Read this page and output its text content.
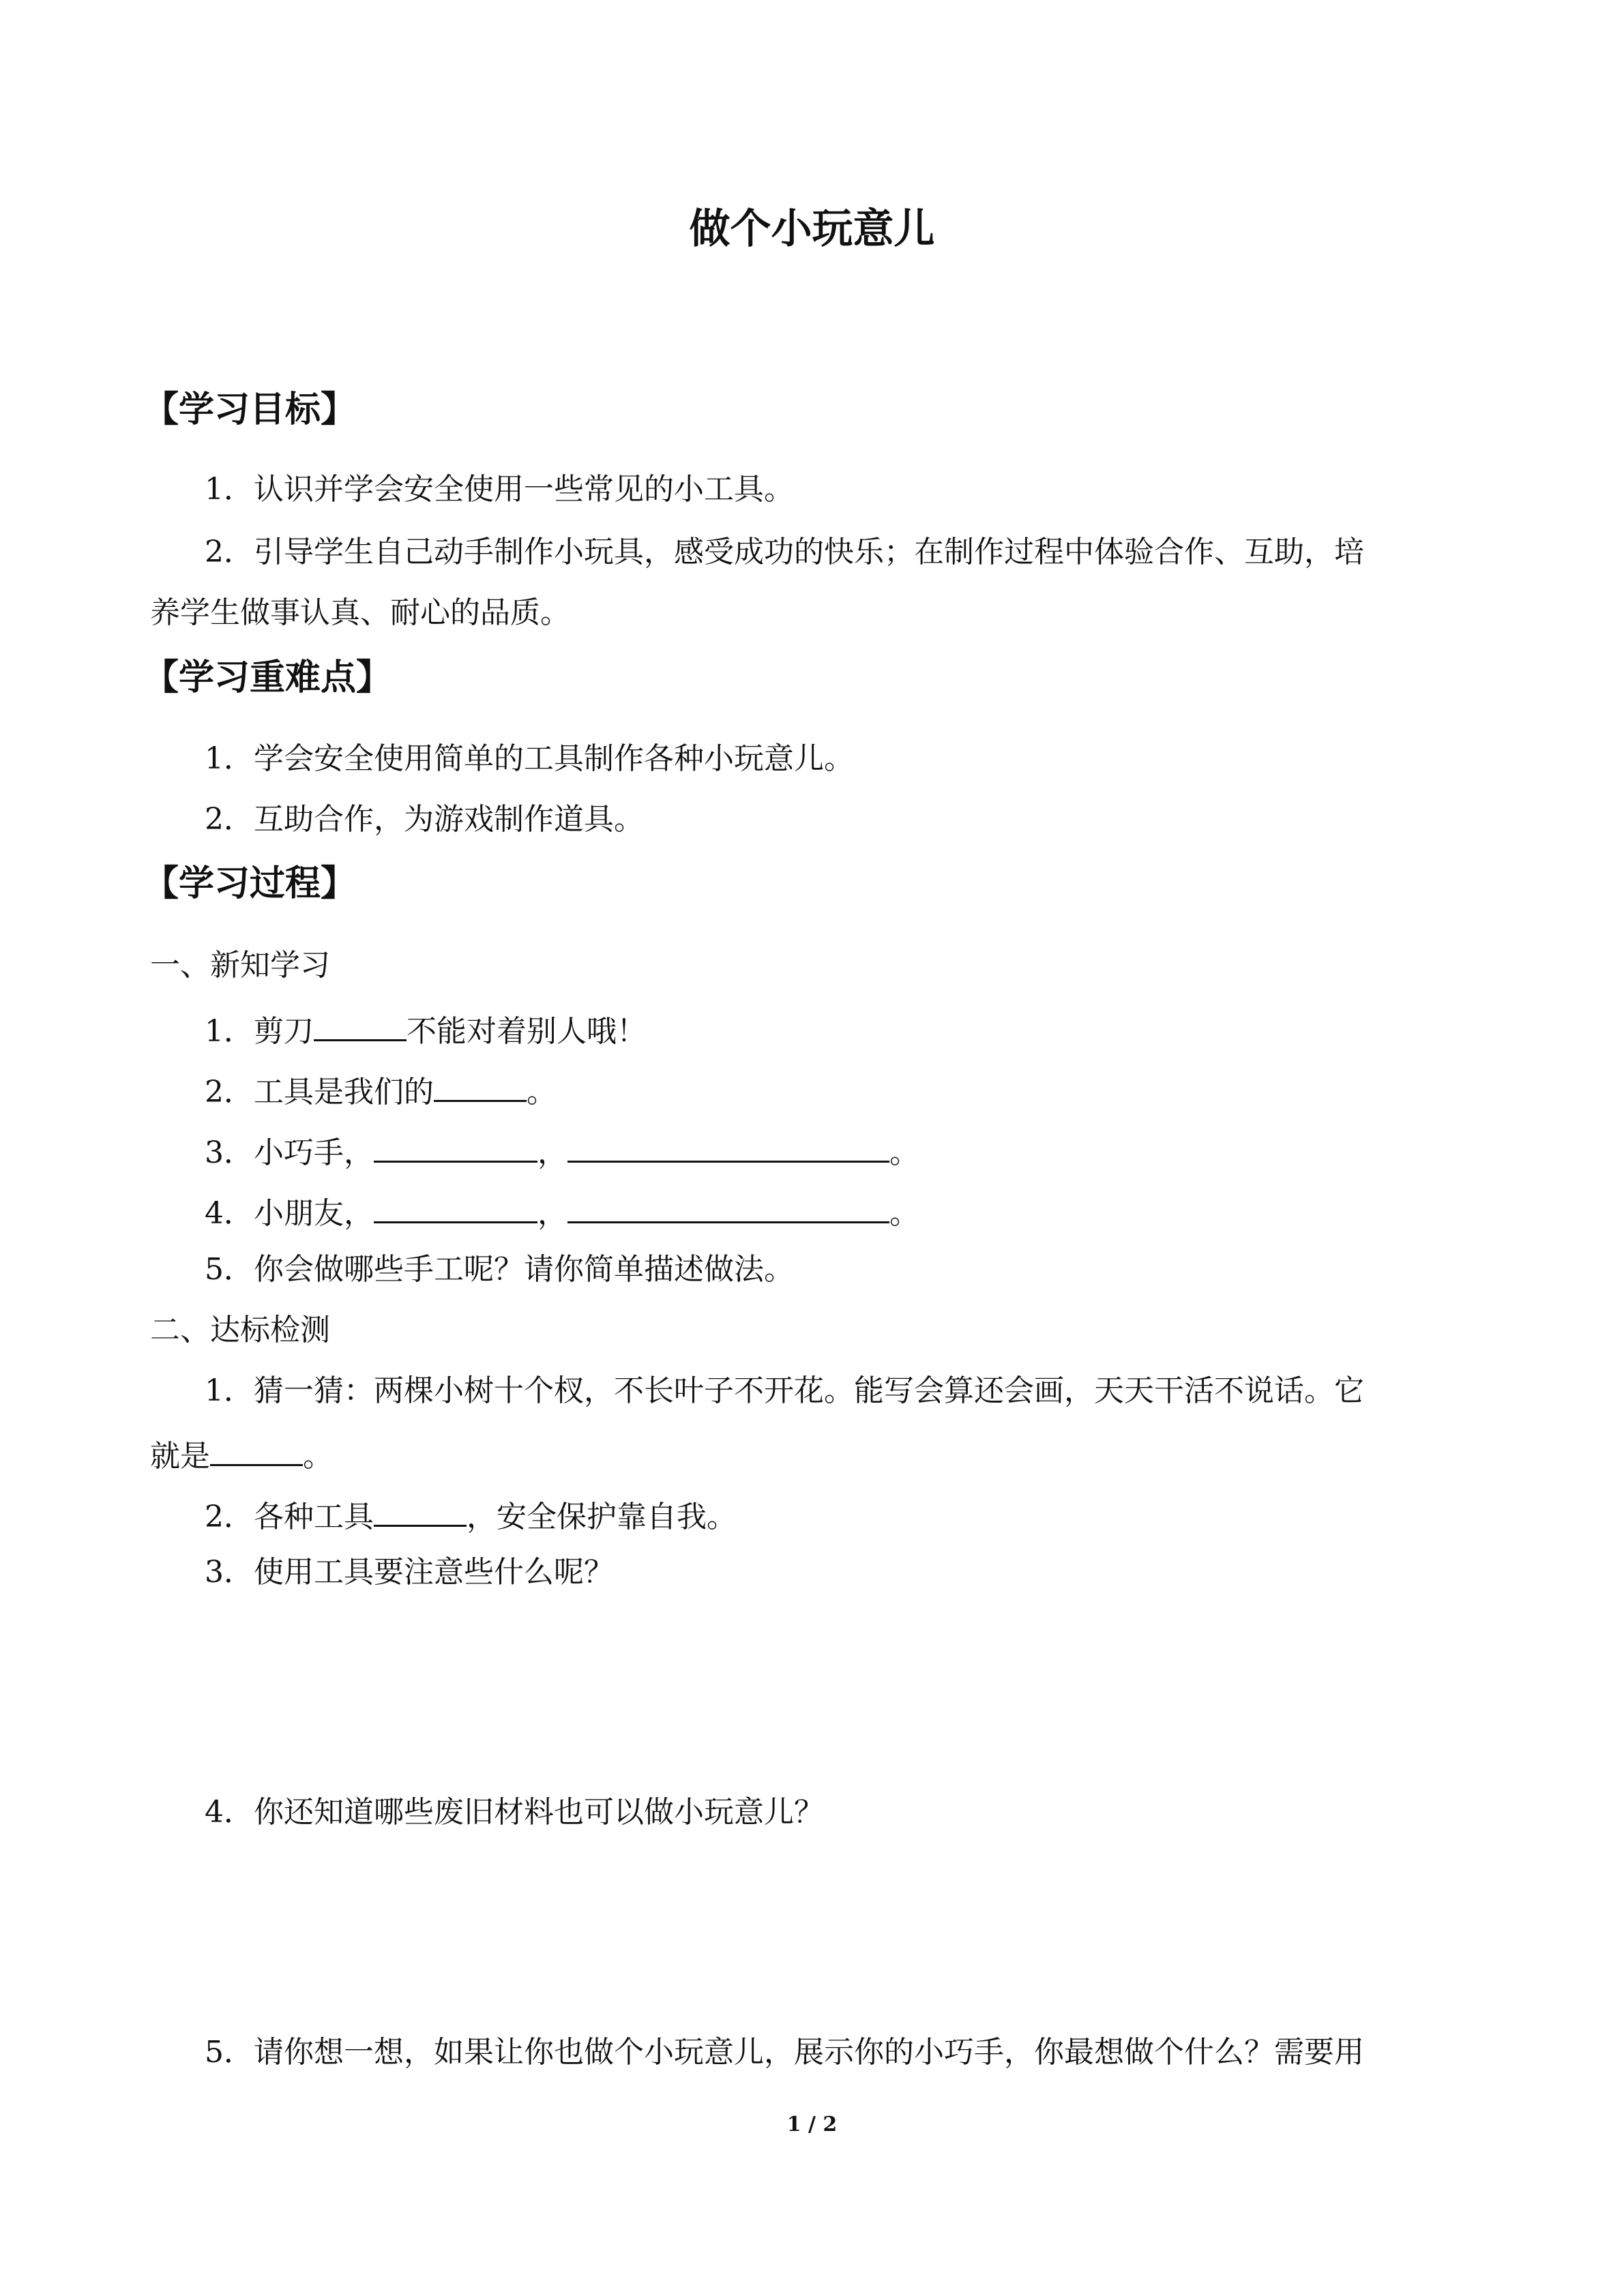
做个小玩意儿
【学习目标】
1．认识并学会安全使用一些常见的小工具。
2．引导学生自己动手制作小玩具，感受成功的快乐；在制作过程中体验合作、互助，培
养学生做事认真、耐心的品质。
【学习重难点】
1．学会安全使用简单的工具制作各种小玩意儿。
2．互助合作，为游戏制作道具。
【学习过程】
一、新知学习
1．剪刀	不能对着别人哦！
2．工具是我们的	。
3．小巧手，	，	。
4．小朋友，	，	。
5．你会做哪些手工呢？请你简单描述做法。
二、达标检测
1．猜一猜：两棵小树十个杈，不长叶子不开花。能写会算还会画，天天干活不说话。它
就是	。
2．各种工具	，安全保护靠自我。
3．使用工具要注意些什么呢？
4．你还知道哪些废旧材料也可以做小玩意儿？
5．请你想一想，如果让你也做个小玩意儿，展示你的小巧手，你最想做个什么？需要用
1 / 2
